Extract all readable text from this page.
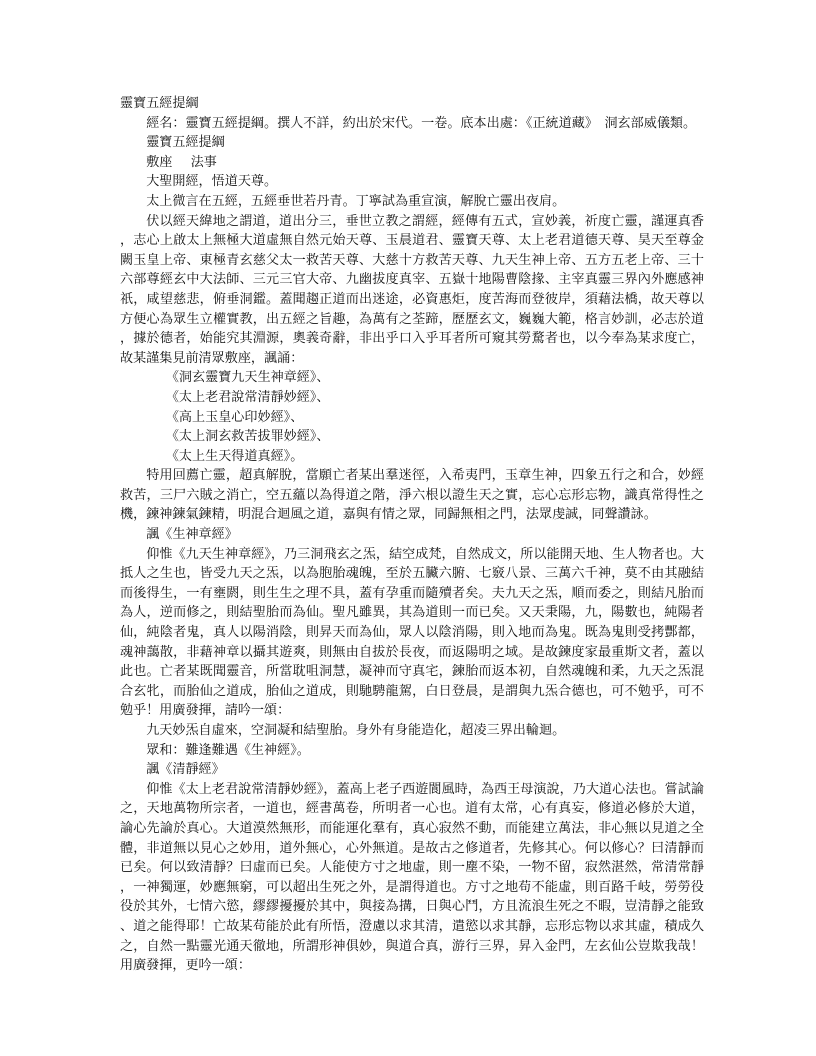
靈寶五經提綱

經名：靈寶五經提綱。撰人不詳，約出於宋代。一卷。底本出處：《正統道藏》　洞玄部威儀類。

靈寶五經提綱

敷座 法事

大聖開經，悟道天尊。

太上微言在五經，五經垂世若丹青。丁寧試為重宣演，解脫亡靈出夜肩。

伏以經天緯地之謂道，道出分三，垂世立教之謂經，經傳有五式，宣妙義，祈度亡靈，謹運真香，志心上啟太上無極大道虛無自然元始天尊、玉晨道君、靈寶天尊、太上老君道德天尊、昊天至尊金闕玉皇上帝、東極青玄慈父太一救苦天尊、大慈十方救苦天尊、九天生神上帝、五方五老上帝、三十六部尊經玄中大法師、三元三官大帝、九幽拔度真宰、五嶽十地陽曹陰掾、主宰真靈三界內外應感神祇，咸望慈悲，俯垂洞鑑。蓋聞趨正道而出迷途，必資惠炬，度苦海而登彼岸，須藉法橋，故天尊以方便心為眾生立權實教，出五經之旨趣，為萬有之荃蹄，歷歷玄文，巍巍大範，格言妙訓，必志於道，據於德者，始能究其淵源，奧義奇辭，非出乎口入乎耳者所可窺其勞騖者也，以今奉為某求度亡，故某謹集見前清眾敷座，諷誦：

《洞玄靈寶九天生神章經》、

《太上老君說常清靜妙經》、

《高上玉皇心印妙經》、

《太上洞玄救苦拔罪妙經》、

《太上生天得道真經》。

特用回薦亡靈，超真解脫，當願亡者某出羣迷徑，入希夷門，玉章生神，四象五行之和合，妙經救苦，三尸六賊之消亡，空五蘊以為得道之階，淨六根以證生天之實，忘心忘形忘物，識真常得性之機，鍊神鍊氣鍊精，明混合迴風之道，嘉與有情之眾，同歸無相之門，法眾虔誠，同聲讚詠。

諷《生神章經》

仰惟《九天生神章經》，乃三洞飛玄之炁，結空成梵，自然成文，所以能開天地、生人物者也。大抵人之生也，皆受九天之炁，以為胞胎魂魄，至於五臟六腑、七竅八景、三萬六千神，莫不由其融結而後得生，一有壅閼，則生生之理不具，蓋有孕重而隨殰者矣。夫九天之炁，順而委之，則結凡胎而為人，逆而修之，則結聖胎而為仙。聖凡雖異，其為道則一而已矣。又天秉陽，九，陽數也，純陽者仙，純陰者鬼，真人以陽消陰，則昇天而為仙，眾人以陰消陽，則入地而為鬼。既為鬼則受拷酆都，魂神藹散，非藉神章以攝其遊爽，則無由自拔於長夜，而返陽明之域。是故鍊度家最重斯文者，蓋以此也。亡者某既聞靈音，所當耽咀洞慧，凝神而守真宅，鍊胎而返本初，自然魂魄和柔，九天之炁混合玄牝，而胎仙之道成，胎仙之道成，則馳騁龍駕，白日登晨，是謂與九炁合德也，可不勉乎，可不勉乎！用廣發揮，請吟一頌：

九天妙炁自虛來，空洞凝和結聖胎。身外有身能造化，超凌三界出輪迴。

眾和：難逢難遇《生神經》。

諷《清靜經》

仰惟《太上老君說常清靜妙經》，蓋高上老子西遊閬風時，為西王母演說，乃大道心法也。嘗試論之，天地萬物所宗者，一道也，經書萬卷，所明者一心也。道有太常，心有真妄，修道必修於大道，論心先論於真心。大道漠然無形，而能運化羣有，真心寂然不動，而能建立萬法，非心無以見道之全體，非道無以見心之妙用，道外無心，心外無道。是故古之修道者，先修其心。何以修心？曰清靜而已矣。何以致清靜？曰虛而已矣。人能使方寸之地虛，則一塵不染，一物不留，寂然湛然，常清常靜，一神獨運，妙應無窮，可以超出生死之外，是謂得道也。方寸之地苟不能虛，則百路千岐，勞勞役役於其外，七情六慾，繆繆擾擾於其中，與接為搆，日與心鬥，方且流浪生死之不暇，豈清靜之能致、道之能得耶！亡故某苟能於此有所悟，澄慮以求其清，遣慾以求其靜，忘形忘物以求其虛，積成久之，自然一點靈光通天徹地，所謂形神俱妙，與道合真，游行三界，昇入金門，左玄仙公豈欺我哉！用廣發揮，更吟一頌：
